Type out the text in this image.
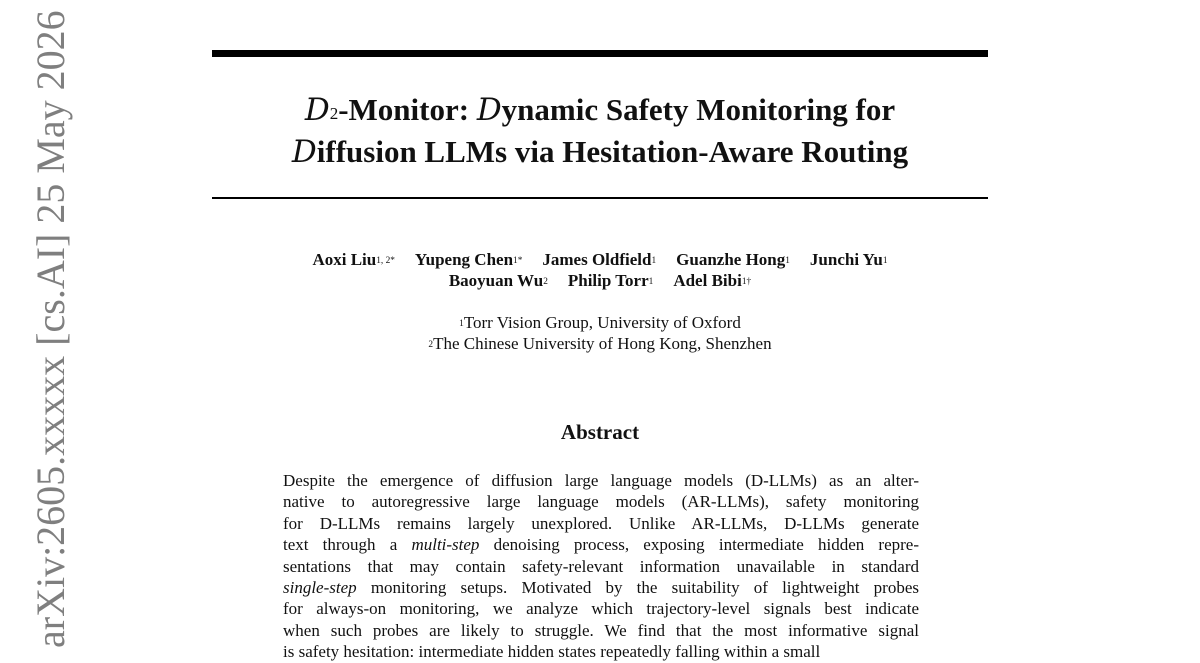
$D^2$-Monitor: Dynamic Safety Monitoring for
Diffusion LLMs via Hesitation-Aware Routing
Aoxi Liu$^{1, 2*}$ Yupeng Chen$^{1*}$ James Oldfield$^1$ Guanzhe Hong$^1$ Junchi Yu$^1$
Baoyuan Wu$^2$ Philip Torr$^1$ Adel Bibi$^{1\dagger}$
$^1$Torr Vision Group, University of Oxford
$^2$The Chinese University of Hong Kong, Shenzhen
Abstract
Despite the emergence of diffusion large language models (D-LLMs) as an alter-
native to autoregressive large language models (AR-LLMs), safety monitoring
for D-LLMs remains largely unexplored. Unlike AR-LLMs, D-LLMs generate
text through a multi-step denoising process, exposing intermediate hidden repre-
sentations that may contain safety-relevant information unavailable in standard
single-step monitoring setups. Motivated by the suitability of lightweight probes
for always-on monitoring, we analyze which trajectory-level signals best indicate
when such probes are likely to struggle. We find that the most informative signal
is safety hesitation: intermediate hidden states repeatedly falling within a small
arXiv:2605.xxxxx [cs.AI] 25 May 2026
